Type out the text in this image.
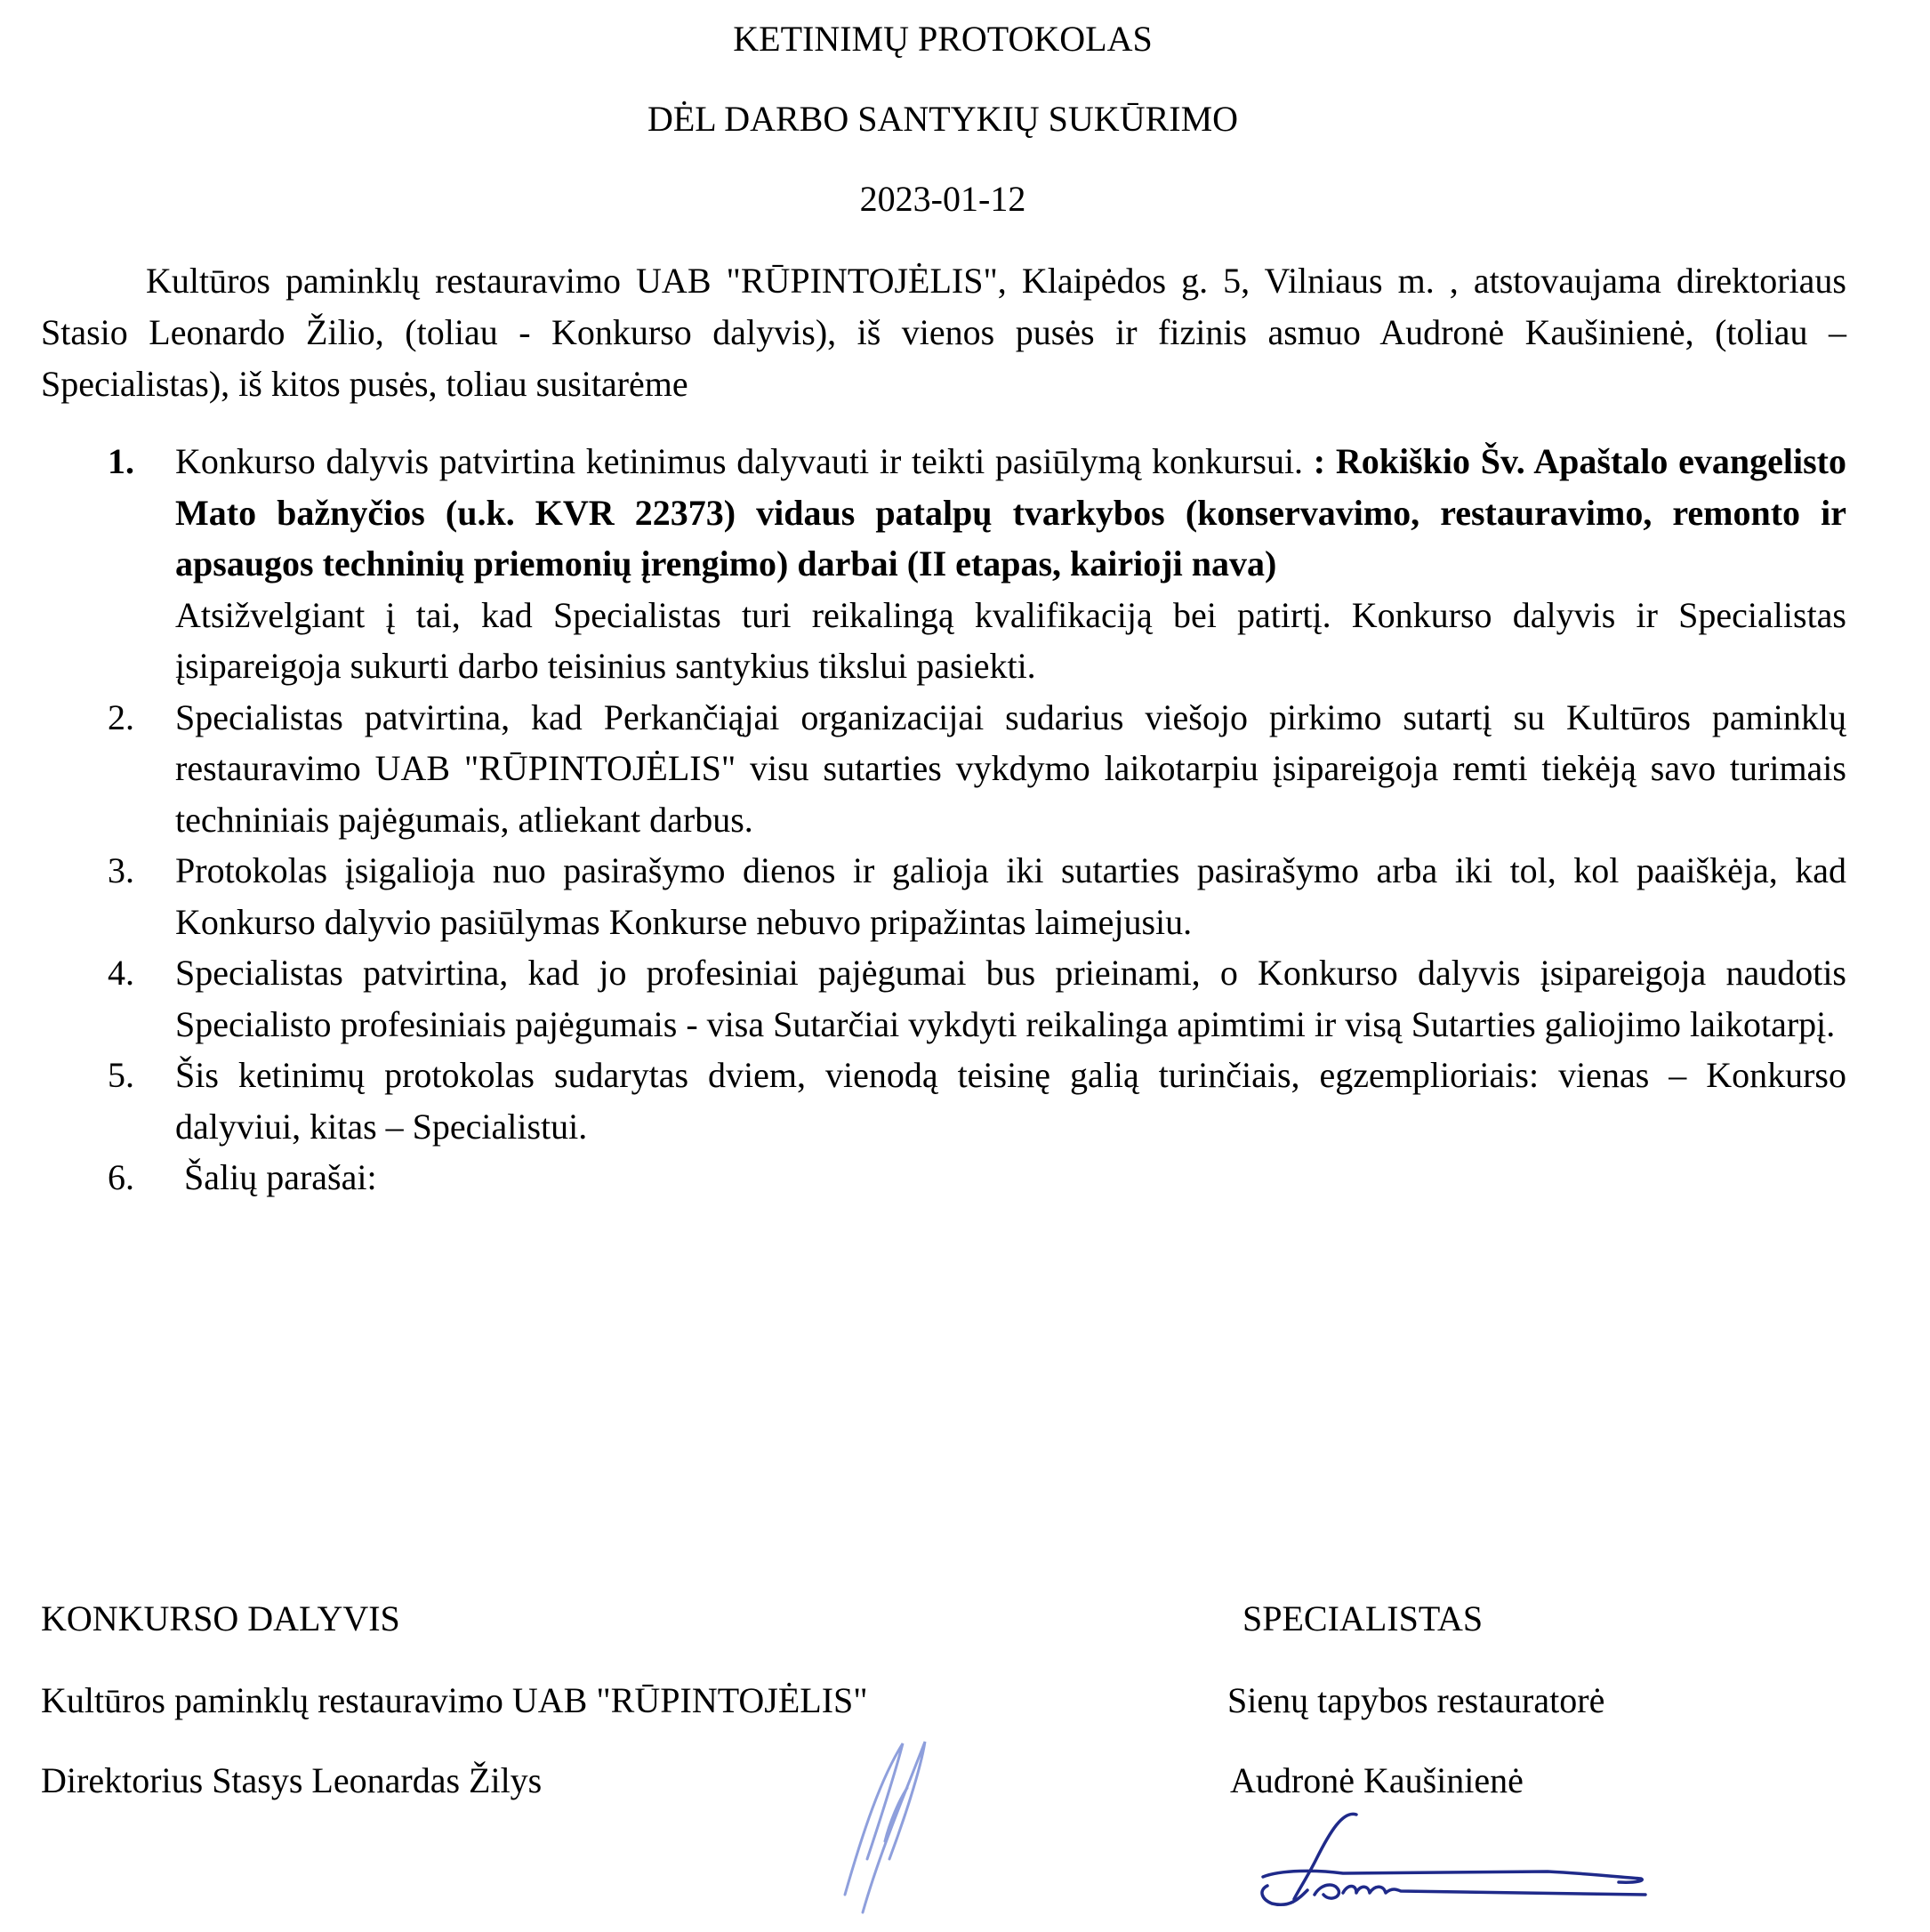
KETINIMŲ PROTOKOLAS
DĖL DARBO SANTYKIŲ SUKŪRIMO
2023-01-12
Kultūros paminklų restauravimo UAB "RŪPINTOJĖLIS", Klaipėdos g. 5, Vilniaus m. , atstovaujama direktoriaus Stasio Leonardo Žilio, (toliau - Konkurso dalyvis), iš vienos pusės ir fizinis asmuo Audronė Kaušinienė, (toliau – Specialistas), iš kitos pusės, toliau susitarėme
1. Konkurso dalyvis patvirtina ketinimus dalyvauti ir teikti pasiūlymą konkursui. : Rokiškio Šv. Apaštalo evangelisto Mato bažnyčios (u.k. KVR 22373) vidaus patalpų tvarkybos (konservavimo, restauravimo, remonto ir apsaugos techninių priemonių įrengimo) darbai (II etapas, kairioji nava)
Atsižvelgiant į tai, kad Specialistas turi reikalingą kvalifikaciją bei patirtį. Konkurso dalyvis ir Specialistas įsipareigoja sukurti darbo teisinius santykius tikslui pasiekti.
2. Specialistas patvirtina, kad Perkančiąjai organizacijai sudarius viešojo pirkimo sutartį su Kultūros paminklų restauravimo UAB "RŪPINTOJĖLIS" visu sutarties vykdymo laikotarpiu įsipareigoja remti tiekėją savo turimais techniniais pajėgumais, atliekant darbus.
3. Protokolas įsigalioja nuo pasirašymo dienos ir galioja iki sutarties pasirašymo arba iki tol, kol paaiškėja, kad Konkurso dalyvio pasiūlymas Konkurse nebuvo pripažintas laimejusiu.
4. Specialistas patvirtina, kad jo profesiniai pajėgumai bus prieinami, o Konkurso dalyvis įsipareigoja naudotis Specialisto profesiniais pajėgumais - visa Sutarčiai vykdyti reikalinga apimtimi ir visą Sutarties galiojimo laikotarpį.
5. Šis ketinimų protokolas sudarytas dviem, vienodą teisinę galią turinčiais, egzemplioriais: vienas – Konkurso dalyviui, kitas – Specialistui.
6. Šalių parašai:
KONKURSO DALYVIS
Kultūros paminklų restauravimo UAB "RŪPINTOJĖLIS"
Direktorius Stasys Leonardas Žilys
SPECIALISTAS
Sienų tapybos restauratorė
Audronė Kaušinienė
